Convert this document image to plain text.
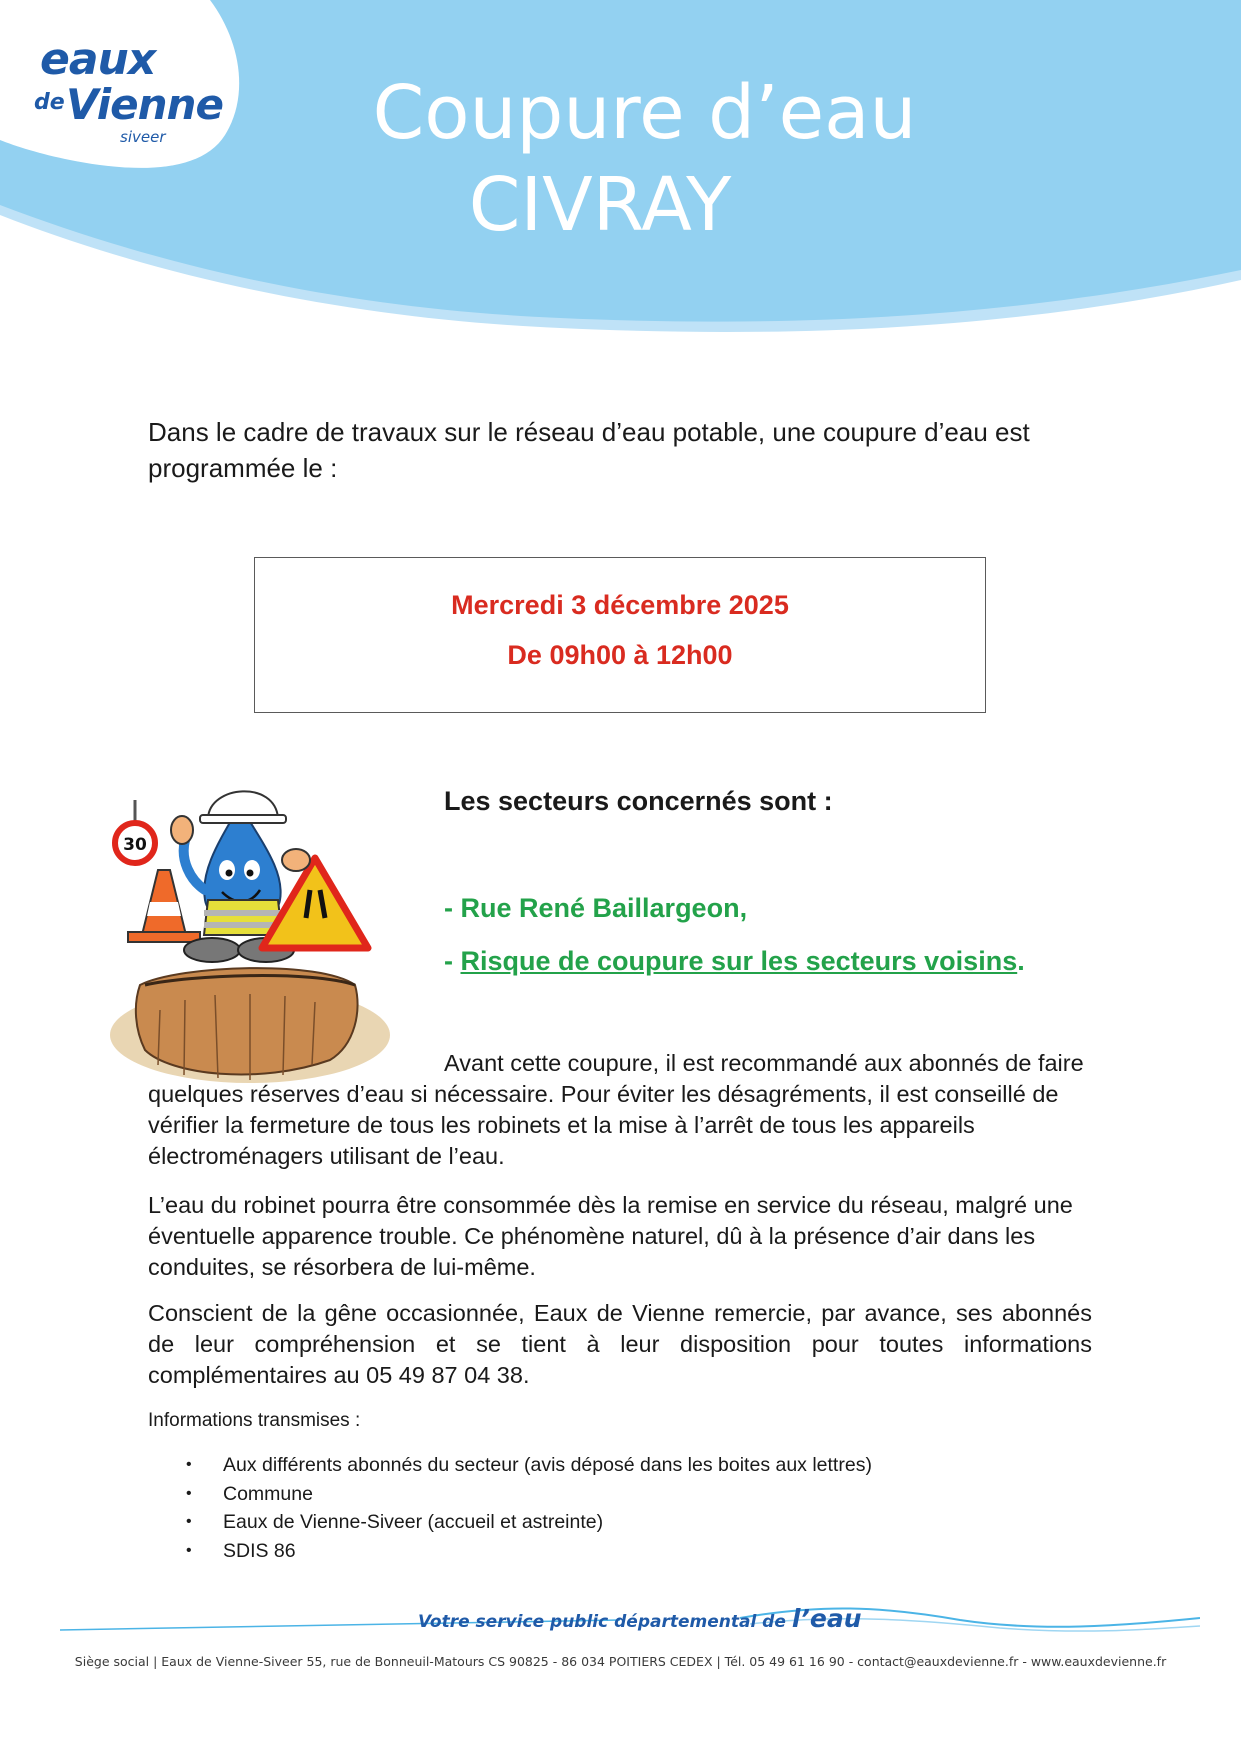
eaux
de Vienne
siveer	Coupure d’eau
CIVRAY
Dans le cadre de travaux sur le réseau d’eau potable, une coupure d’eau est programmée le :
Mercredi 3 décembre 2025
De 09h00 à 12h00
30
Les secteurs concernés sont :
- Rue René Baillargeon,
- Risque de coupure sur les secteurs voisins.
Avant cette coupure, il est recommandé aux abonnés de faire quelques réserves d’eau si nécessaire. Pour éviter les désagréments, il est conseillé de vérifier la fermeture de tous les robinets et la mise à l’arrêt de tous les appareils électroménagers utilisant de l’eau.
L’eau du robinet pourra être consommée dès la remise en service du réseau, malgré une éventuelle apparence trouble. Ce phénomène naturel, dû à la présence d’air dans les conduites, se résorbera de lui-même.
Conscient de la gêne occasionnée, Eaux de Vienne remercie, par avance, ses abonnés de leur compréhension et se tient à leur disposition pour toutes informations complémentaires au 05 49 87 04 38.
Informations transmises :
• Aux différents abonnés du secteur (avis déposé dans les boites aux lettres)
• Commune
• Eaux de Vienne-Siveer (accueil et astreinte)
• SDIS 86
Votre service public départemental de l’eau
Siège social | Eaux de Vienne-Siveer 55, rue de Bonneuil-Matours CS 90825 - 86 034 POITIERS CEDEX | Tél. 05 49 61 16 90 - contact@eauxdevienne.fr - www.eauxdevienne.fr
